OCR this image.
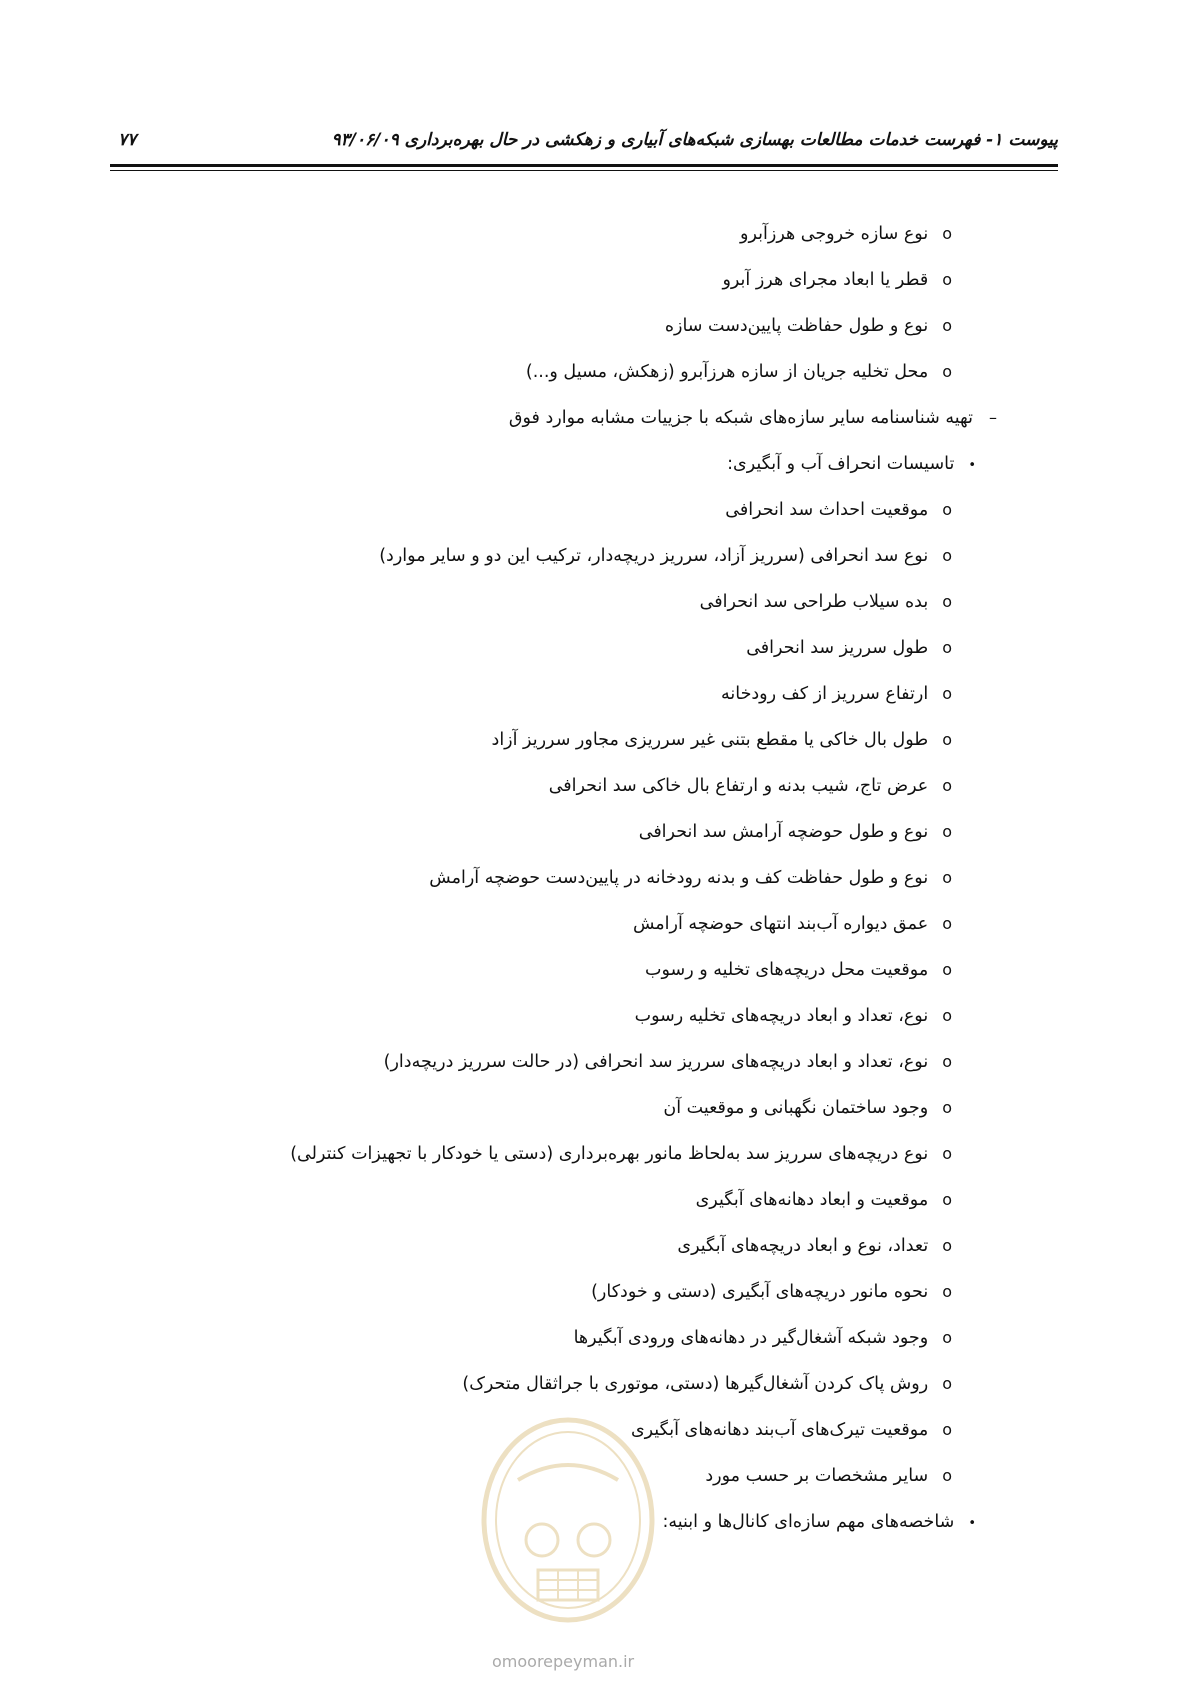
پیوست ۱- فهرست خدمات مطالعات بهسازی شبکه‌های آبیاری و زهکشی در حال بهره‌برداری ۹۳/۰۶/۰۹
۷۷
oنوع سازه خروجی هرزآبرو
oقطر یا ابعاد مجرای هرز آبرو
oنوع و طول حفاظت پایین‌دست سازه
oمحل تخلیه جریان از سازه هرزآبرو (زهکش، مسیل و...)
–تهیه شناسنامه سایر سازه‌های شبکه با جزییات مشابه موارد فوق
•تاسیسات انحراف آب و آبگیری:
oموقعیت احداث سد انحرافی
oنوع سد انحرافی (سرریز آزاد، سرریز دریچه‌دار، ترکیب این دو و سایر موارد)
oبده سیلاب طراحی سد انحرافی
oطول سرریز سد انحرافی
oارتفاع سرریز از کف رودخانه
oطول بال خاکی یا مقطع بتنی غیر سرریزی مجاور سرریز آزاد
oعرض تاج، شیب بدنه و ارتفاع بال خاکی سد انحرافی
oنوع و طول حوضچه آرامش سد انحرافی
oنوع و طول حفاظت کف و بدنه رودخانه در پایین‌دست حوضچه آرامش
oعمق دیواره آب‌بند انتهای حوضچه آرامش
oموقعیت محل دریچه‌های تخلیه و رسوب
oنوع، تعداد و ابعاد دریچه‌های تخلیه رسوب
oنوع، تعداد و ابعاد دریچه‌های سرریز سد انحرافی (در حالت سرریز دریچه‌دار)
oوجود ساختمان نگهبانی و موقعیت آن
oنوع دریچه‌های سرریز سد به‌لحاظ مانور بهره‌برداری (دستی یا خودکار با تجهیزات کنترلی)
oموقعیت و ابعاد دهانه‌های آبگیری
oتعداد، نوع و ابعاد دریچه‌های آبگیری
oنحوه مانور دریچه‌های آبگیری (دستی و خودکار)
oوجود شبکه آشغال‌گیر در دهانه‌های ورودی آبگیرها
oروش پاک کردن آشغال‌گیرها (دستی، موتوری با جراثقال متحرک)
oموقعیت تیرک‌های آب‌بند دهانه‌های آبگیری
oسایر مشخصات بر حسب مورد
•شاخصه‌های مهم سازه‌ای کانال‌ها و ابنیه:
omoorepeyman.ir
